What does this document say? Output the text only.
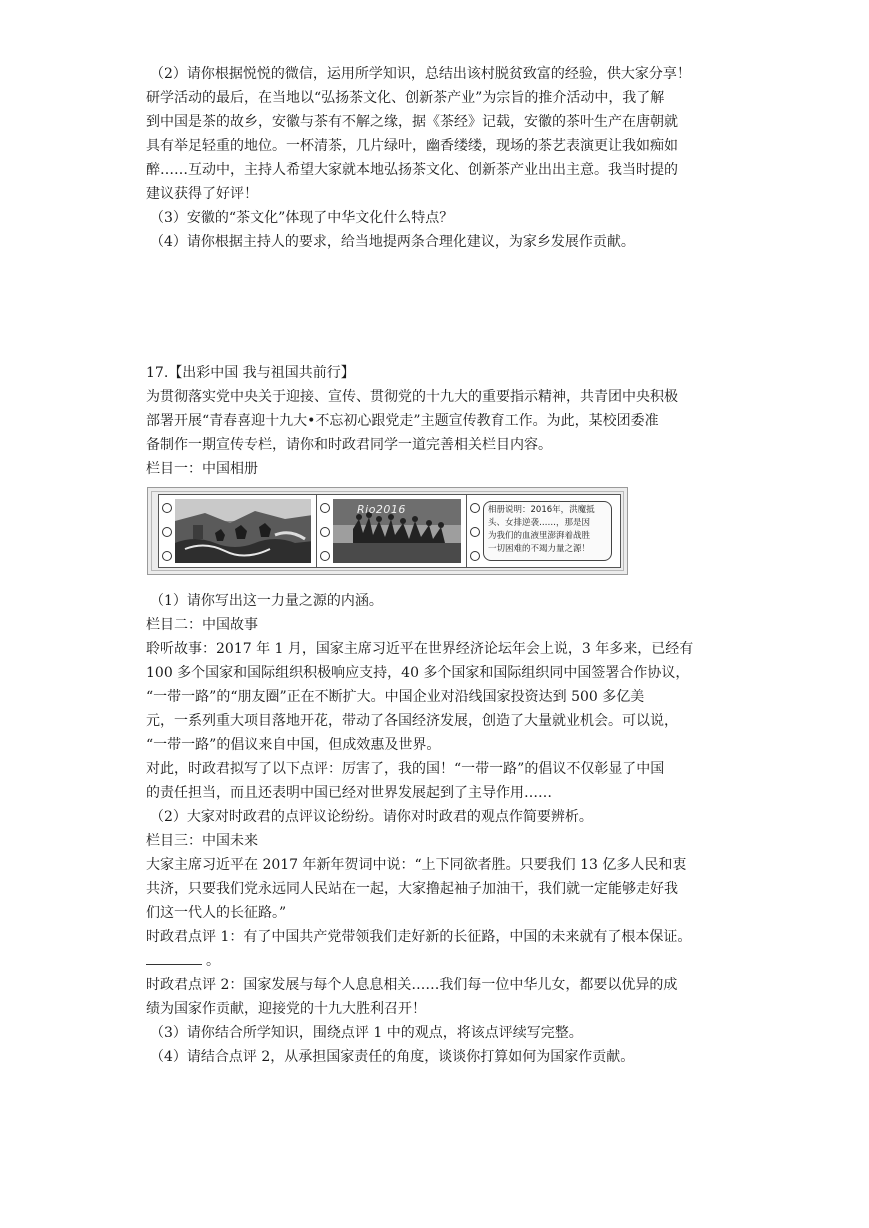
（2）请你根据悦悦的微信，运用所学知识，总结出该村脱贫致富的经验，供大家分享！

研学活动的最后，在当地以“弘扬茶文化、创新茶产业”为宗旨的推介活动中，我了解

到中国是茶的故乡，安徽与茶有不解之缘，据《茶经》记载，安徽的茶叶生产在唐朝就

具有举足轻重的地位。一杯清茶，几片绿叶，幽香缕缕，现场的茶艺表演更让我如痴如

醉……互动中，主持人希望大家就本地弘扬茶文化、创新茶产业出出主意。我当时提的

建议获得了好评！

（3）安徽的“茶文化”体现了中华文化什么特点？

（4）请你根据主持人的要求，给当地提两条合理化建议，为家乡发展作贡献。

17.【出彩中国 我与祖国共前行】

为贯彻落实党中央关于迎接、宣传、贯彻党的十九大的重要指示精神，共青团中央积极

部署开展“青春喜迎十九大•不忘初心跟党走”主题宣传教育工作。为此，某校团委准

备制作一期宣传专栏，请你和时政君同学一道完善相关栏目内容。

栏目一：中国相册

Rio2016	相册说明：2016年，洪魔抵
头、女排逆袭……，那是因
为我们的血液里澎湃着战胜
一切困难的不竭力量之源！

（1）请你写出这一力量之源的内涵。

栏目二：中国故事

聆听故事：2017 年 1 月，国家主席习近平在世界经济论坛年会上说，3 年多来，已经有

100 多个国家和国际组织积极响应支持，40 多个国家和国际组织同中国签署合作协议，

“一带一路”的“朋友圈”正在不断扩大。中国企业对沿线国家投资达到 500 多亿美

元，一系列重大项目落地开花，带动了各国经济发展，创造了大量就业机会。可以说，

“一带一路”的倡议来自中国，但成效惠及世界。

对此，时政君拟写了以下点评：厉害了，我的国！“一带一路”的倡议不仅彰显了中国

的责任担当，而且还表明中国已经对世界发展起到了主导作用……

（2）大家对时政君的点评议论纷纷。请你对时政君的观点作简要辨析。

栏目三：中国未来

大家主席习近平在 2017 年新年贺词中说：“上下同欲者胜。只要我们 13 亿多人民和衷

共济，只要我们党永远同人民站在一起，大家撸起袖子加油干，我们就一定能够走好我

们这一代人的长征路。”

时政君点评 1：有了中国共产党带领我们走好新的长征路，中国的未来就有了根本保证。

。

时政君点评 2：国家发展与每个人息息相关……我们每一位中华儿女，都要以优异的成

绩为国家作贡献，迎接党的十九大胜利召开！

（3）请你结合所学知识，围绕点评 1 中的观点，将该点评续写完整。

（4）请结合点评 2，从承担国家责任的角度，谈谈你打算如何为国家作贡献。
